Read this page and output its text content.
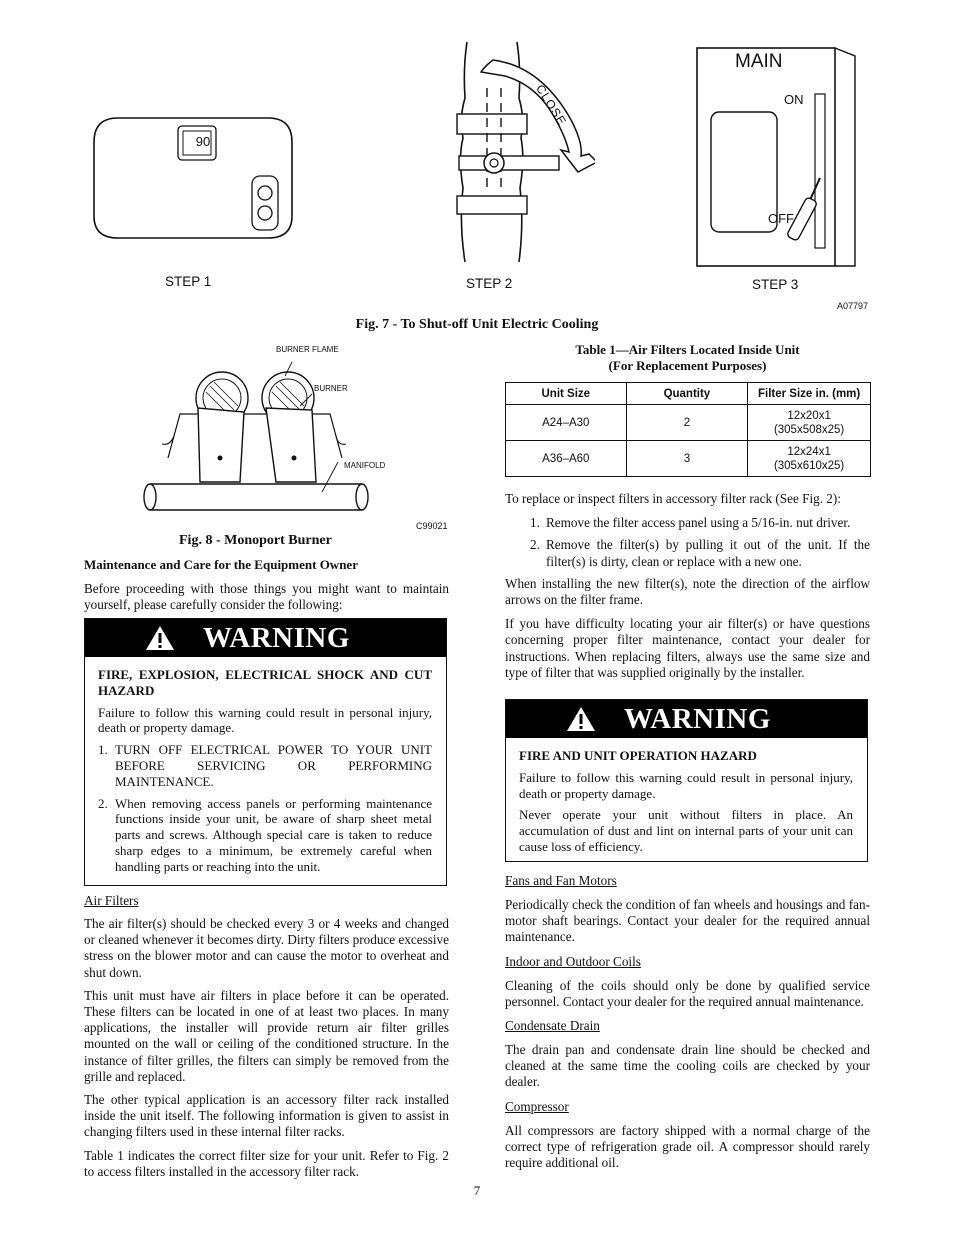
90
STEP 1
CLOSE
STEP 2
MAIN
ON
OFF
STEP 3
A07797
Fig. 7 - To Shut-off Unit Electric Cooling
BURNER FLAME
BURNER
MANIFOLD
C99021
Fig. 8 - Monoport Burner
Maintenance and Care for the Equipment Owner

Before proceeding with those things you might want to maintain yourself, please carefully consider the following:

WARNING
FIRE, EXPLOSION, ELECTRICAL SHOCK AND CUT HAZARD

Failure to follow this warning could result in personal injury, death or property damage.

1. TURN OFF ELECTRICAL POWER TO YOUR UNIT BEFORE SERVICING OR PERFORMING MAINTENANCE.
2. When removing access panels or performing maintenance functions inside your unit, be aware of sharp sheet metal parts and screws. Although special care is taken to reduce sharp edges to a minimum, be extremely careful when handling parts or reaching into the unit.
Air Filters

The air filter(s) should be checked every 3 or 4 weeks and changed or cleaned whenever it becomes dirty. Dirty filters produce excessive stress on the blower motor and can cause the motor to overheat and shut down.

This unit must have air filters in place before it can be operated. These filters can be located in one of at least two places. In many applications, the installer will provide return air filter grilles mounted on the wall or ceiling of the conditioned structure. In the instance of filter grilles, the filters can simply be removed from the grille and replaced.

The other typical application is an accessory filter rack installed inside the unit itself. The following information is given to assist in changing filters used in these internal filter racks.

Table 1 indicates the correct filter size for your unit. Refer to Fig. 2 to access filters installed in the accessory filter rack.

Table 1—Air Filters Located Inside Unit
(For Replacement Purposes)
Unit Size	Quantity	Filter Size in. (mm)
A24–A30	2	12x20x1
(305x508x25)

A36–A60	3	12x24x1
(305x610x25)

To replace or inspect filters in accessory filter rack (See Fig. 2):

1. Remove the filter access panel using a 5/16-in. nut driver.
2. Remove the filter(s) by pulling it out of the unit. If the filter(s) is dirty, clean or replace with a new one.

When installing the new filter(s), note the direction of the airflow arrows on the filter frame.

If you have difficulty locating your air filter(s) or have questions concerning proper filter maintenance, contact your dealer for instructions. When replacing filters, always use the same size and type of filter that was supplied originally by the installer.

WARNING
FIRE AND UNIT OPERATION HAZARD

Failure to follow this warning could result in personal injury, death or property damage.

Never operate your unit without filters in place. An accumulation of dust and lint on internal parts of your unit can cause loss of efficiency.

Fans and Fan Motors

Periodically check the condition of fan wheels and housings and fan-motor shaft bearings. Contact your dealer for the required annual maintenance.

Indoor and Outdoor Coils

Cleaning of the coils should only be done by qualified service personnel. Contact your dealer for the required annual maintenance.

Condensate Drain

The drain pan and condensate drain line should be checked and cleaned at the same time the cooling coils are checked by your dealer.

Compressor

All compressors are factory shipped with a normal charge of the correct type of refrigeration grade oil. A compressor should rarely require additional oil.

7
